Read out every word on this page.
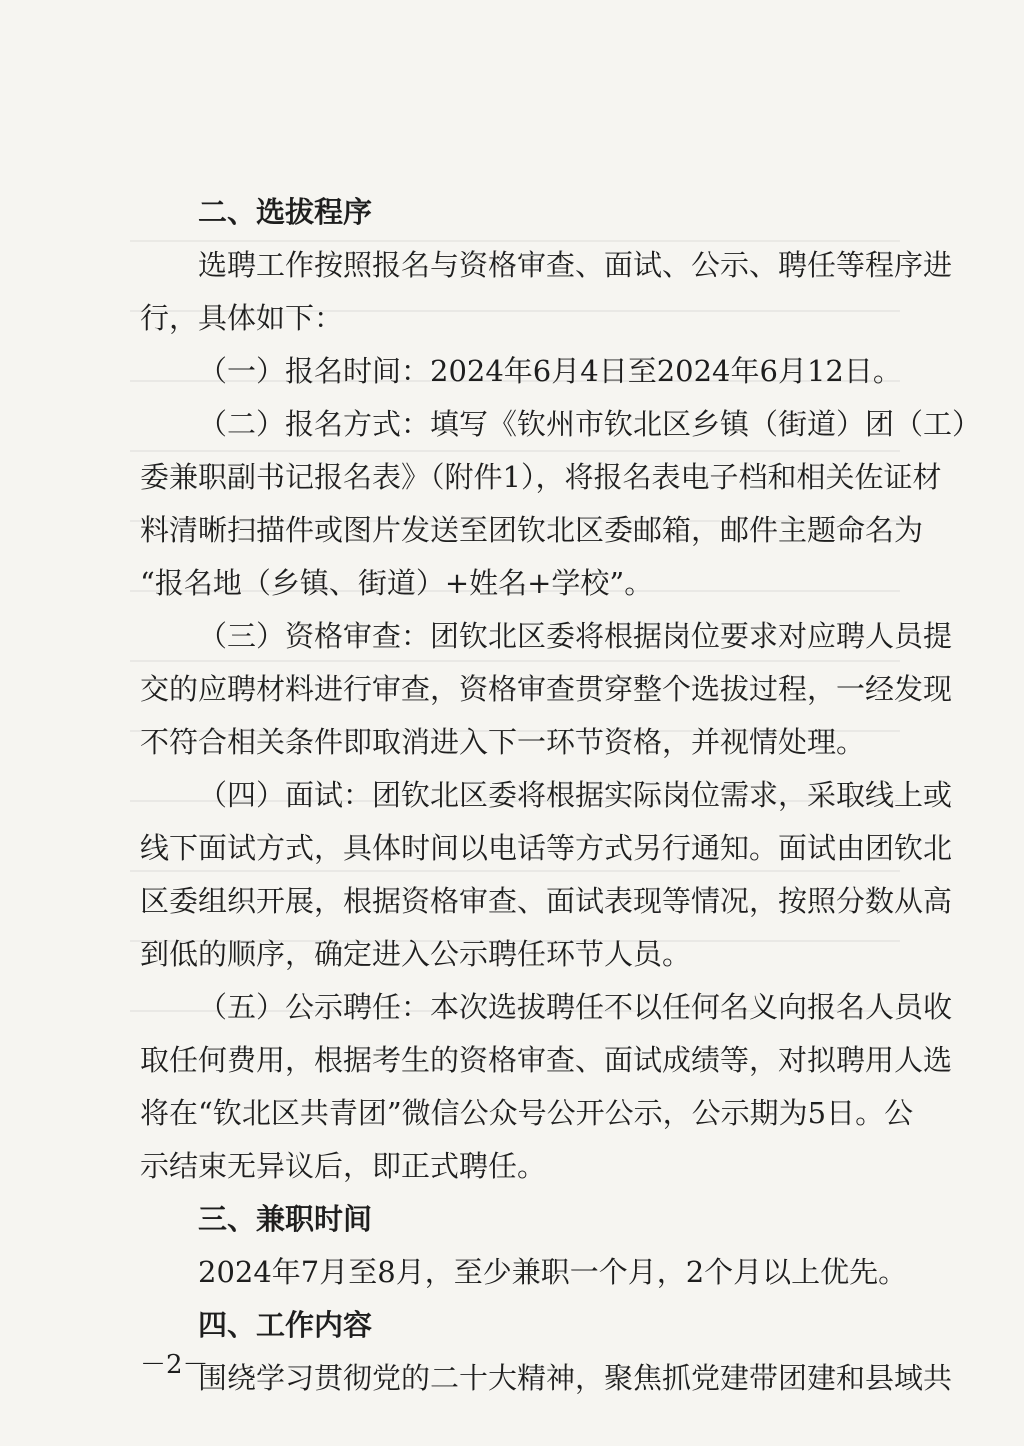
二、选拔程序
选聘工作按照报名与资格审查、面试、公示、聘任等程序进
行，具体如下：
（一）报名时间：2024年6月4日至2024年6月12日。
（二）报名方式：填写《钦州市钦北区乡镇（街道）团（工）
委兼职副书记报名表》（附件1），将报名表电子档和相关佐证材
料清晰扫描件或图片发送至团钦北区委邮箱，邮件主题命名为
“报名地（乡镇、街道）+姓名+学校”。
（三）资格审查：团钦北区委将根据岗位要求对应聘人员提
交的应聘材料进行审查，资格审查贯穿整个选拔过程，一经发现
不符合相关条件即取消进入下一环节资格，并视情处理。
（四）面试：团钦北区委将根据实际岗位需求，采取线上或
线下面试方式，具体时间以电话等方式另行通知。面试由团钦北
区委组织开展，根据资格审查、面试表现等情况，按照分数从高
到低的顺序，确定进入公示聘任环节人员。
（五）公示聘任：本次选拔聘任不以任何名义向报名人员收
取任何费用，根据考生的资格审查、面试成绩等，对拟聘用人选
将在“钦北区共青团”微信公众号公开公示，公示期为5日。公
示结束无异议后，即正式聘任。
三、兼职时间
2024年7月至8月，至少兼职一个月，2个月以上优先。
四、工作内容
围绕学习贯彻党的二十大精神，聚焦抓党建带团建和县域共
－2－
